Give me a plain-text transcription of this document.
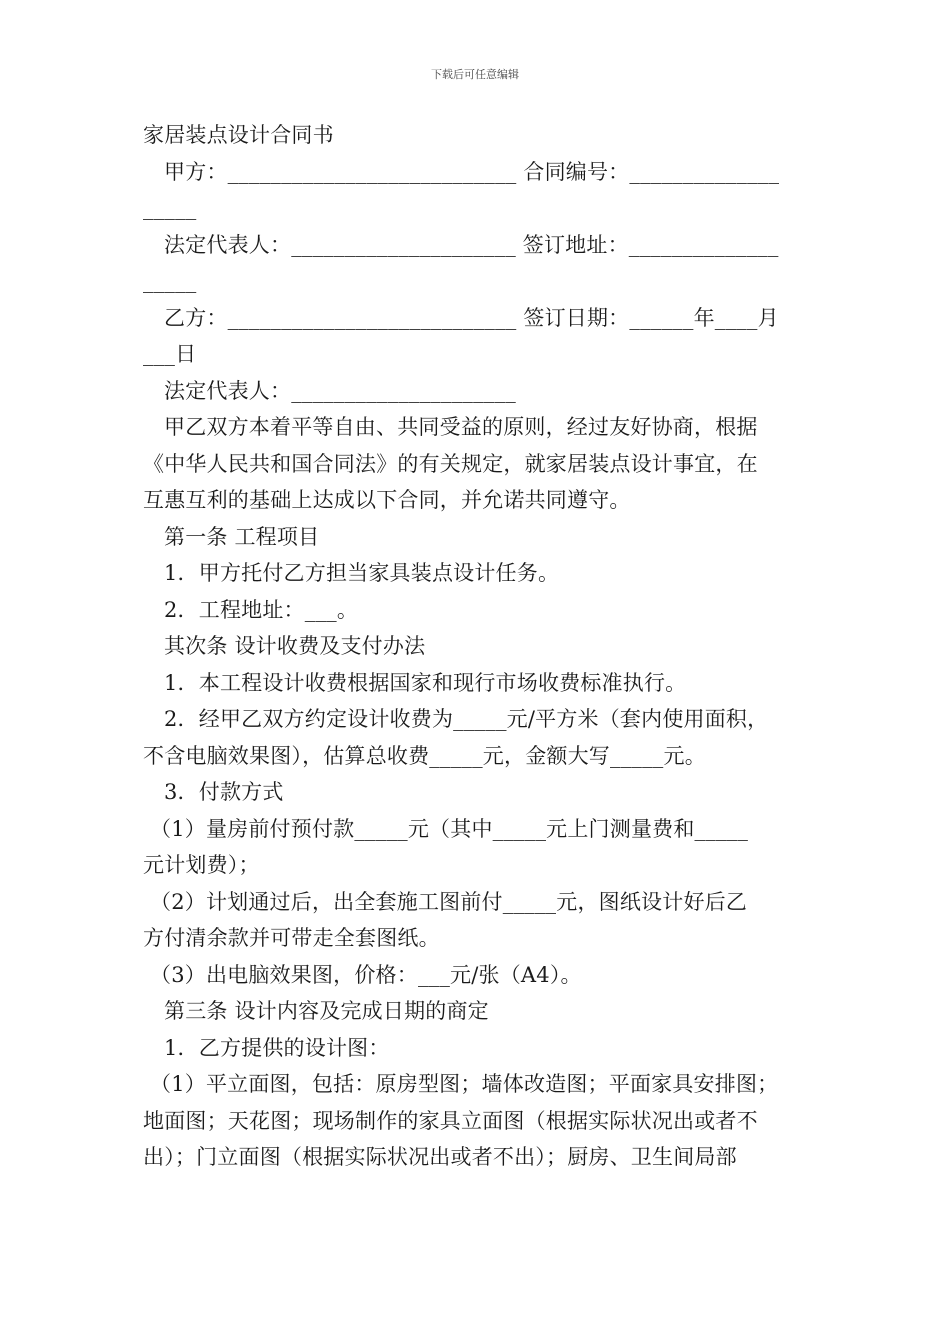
下载后可任意编辑
家居装点设计合同书
甲方：___________________________ 合同编号：______________
_____
法定代表人：_____________________ 签订地址：______________
_____
乙方：___________________________ 签订日期：______年____月
___日
法定代表人：_____________________
甲乙双方本着平等自由、共同受益的原则，经过友好协商，根据
《中华人民共和国合同法》的有关规定，就家居装点设计事宜，在
互惠互利的基础上达成以下合同，并允诺共同遵守。
第一条 工程项目
1．甲方托付乙方担当家具装点设计任务。
2．工程地址：___。
其次条 设计收费及支付办法
1．本工程设计收费根据国家和现行市场收费标准执行。
2．经甲乙双方约定设计收费为_____元/平方米（套内使用面积，
不含电脑效果图），估算总收费_____元，金额大写_____元。
3．付款方式
（1）量房前付预付款_____元（其中_____元上门测量费和_____
元计划费）；
（2）计划通过后，出全套施工图前付_____元，图纸设计好后乙
方付清余款并可带走全套图纸。
（3）出电脑效果图，价格：___元/张（A4）。
第三条 设计内容及完成日期的商定
1．乙方提供的设计图：
（1）平立面图，包括：原房型图；墙体改造图；平面家具安排图；
地面图；天花图；现场制作的家具立面图（根据实际状况出或者不
出）；门立面图（根据实际状况出或者不出）；厨房、卫生间局部
